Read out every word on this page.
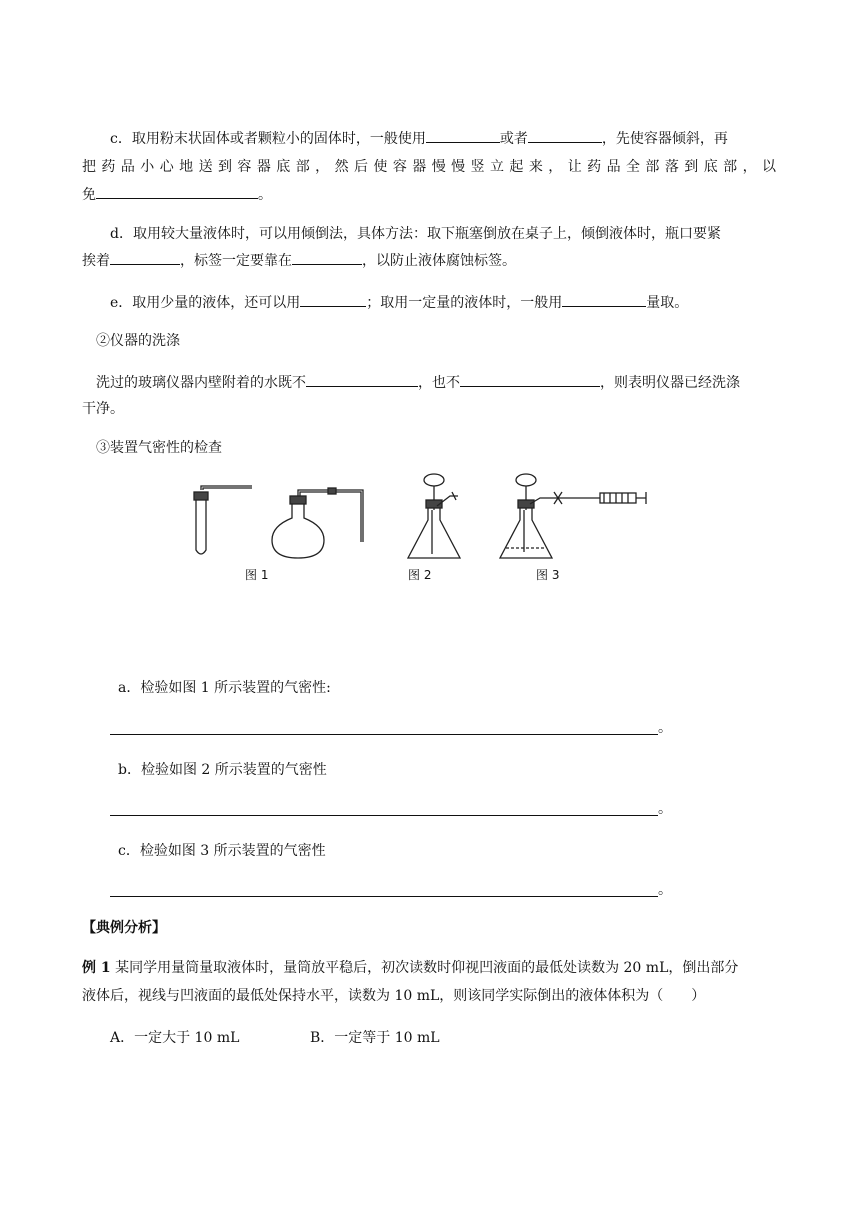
c．取用粉末状固体或者颗粒小的固体时，一般使用	或者	，先使容器倾斜，再
把药品小心地送到容器底部，然后使容器慢慢竖立起来，让药品全部落到底部，以
免	。
d．取用较大量液体时，可以用倾倒法，具体方法：取下瓶塞倒放在桌子上，倾倒液体时，瓶口要紧
挨着	，标签一定要靠在	，以防止液体腐蚀标签。
e．取用少量的液体，还可以用	；取用一定量的液体时，一般用	量取。
②仪器的洗涤
洗过的玻璃仪器内壁附着的水既不	，也不	，则表明仪器已经洗涤
干净。
③装置气密性的检查
图 1	图 2	图 3
a．检验如图 1 所示装置的气密性:
。
b．检验如图 2 所示装置的气密性
。
c．检验如图 3 所示装置的气密性
。
【典例分析】
例 1 某同学用量筒量取液体时，量筒放平稳后，初次读数时仰视凹液面的最低处读数为 20 mL，倒出部分
液体后，视线与凹液面的最低处保持水平，读数为 10 mL，则该同学实际倒出的液体体积为（　　）
A．一定大于 10 mL	B．一定等于 10 mL
